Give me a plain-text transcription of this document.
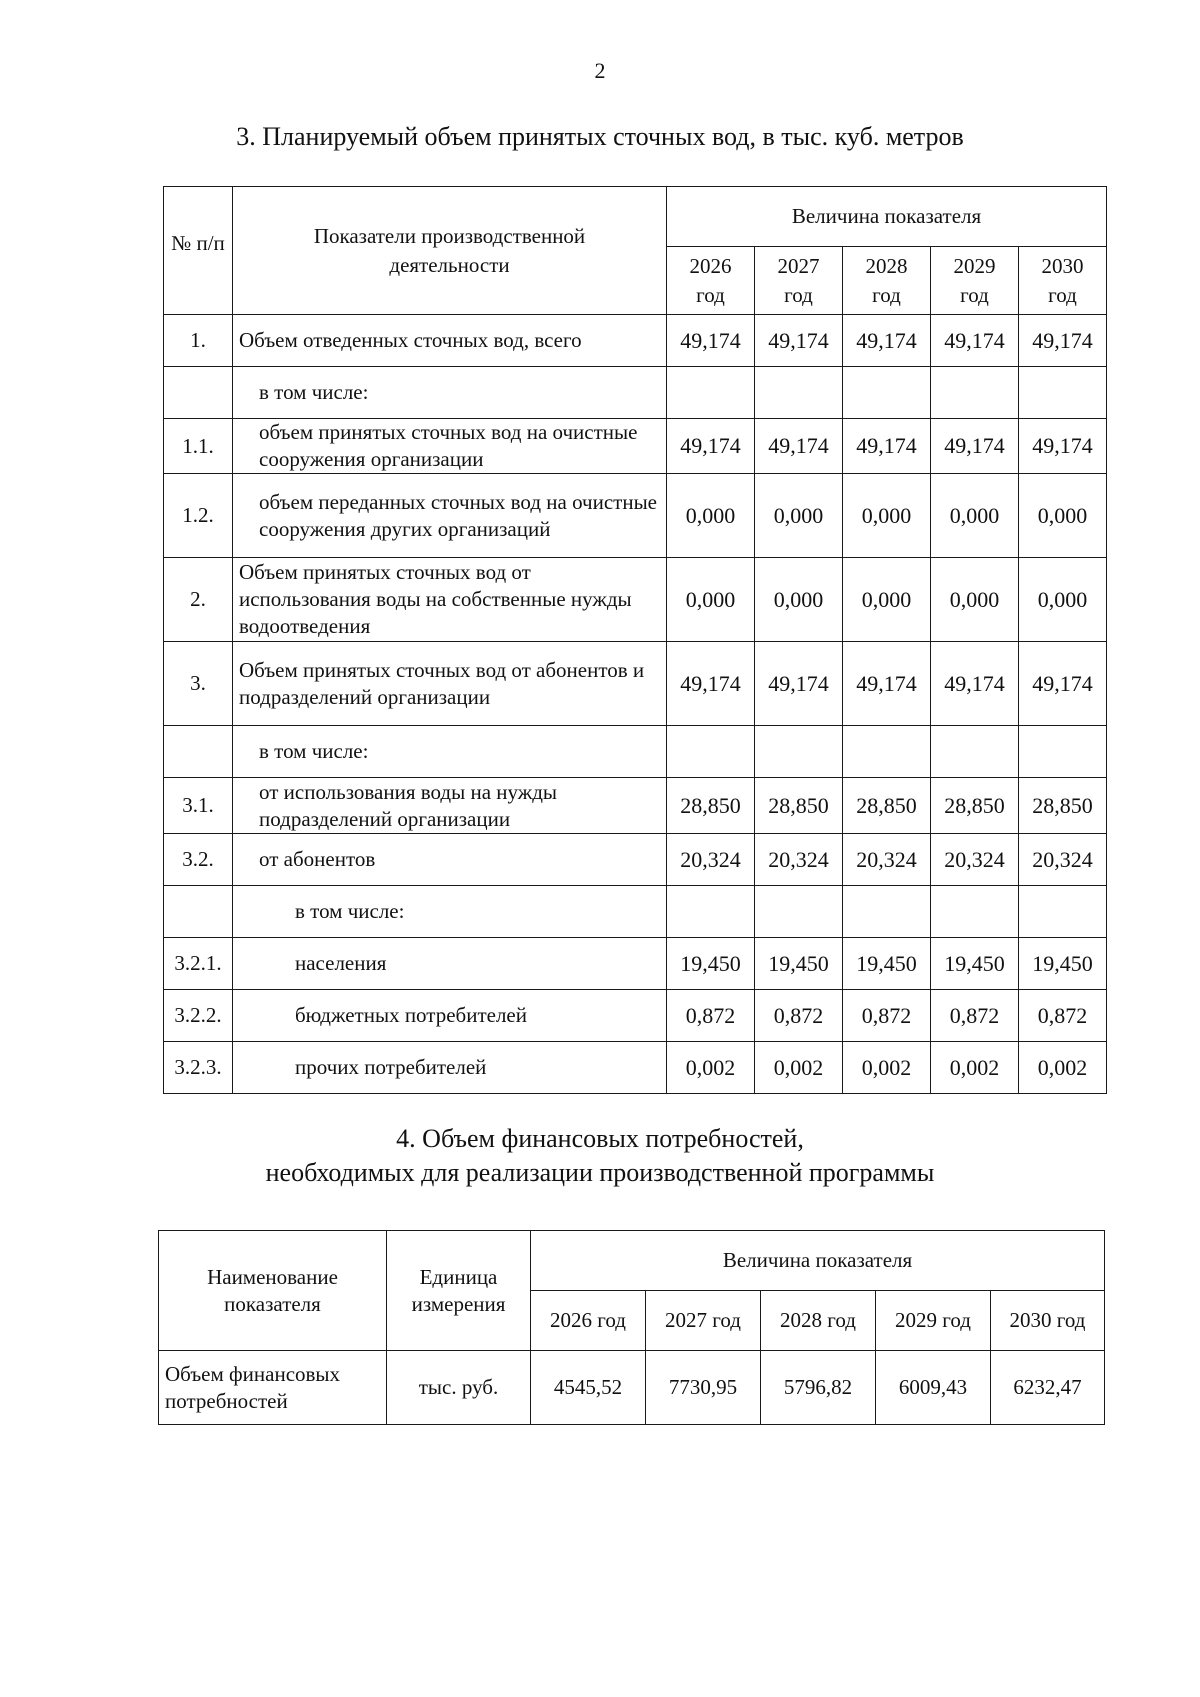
2
3. Планируемый объем принятых сточных вод, в тыс. куб. метров
№ п/п	Показатели производственной деятельности	Величина показателя				
		2026 год	2027 год	2028 год	2029 год	2030 год
1.	Объем отведенных сточных вод, всего	49,174	49,174	49,174	49,174	49,174
	в том числе:					
1.1.	объем принятых сточных вод на очистные сооружения организации	49,174	49,174	49,174	49,174	49,174
1.2.	объем переданных сточных вод на очистные сооружения других организаций	0,000	0,000	0,000	0,000	0,000
2.	Объем принятых сточных вод от использования воды на собственные нужды водоотведения	0,000	0,000	0,000	0,000	0,000
3.	Объем принятых сточных вод от абонентов и подразделений организации	49,174	49,174	49,174	49,174	49,174
	в том числе:					
3.1.	от использования воды на нужды подразделений организации	28,850	28,850	28,850	28,850	28,850
3.2.	от абонентов	20,324	20,324	20,324	20,324	20,324
	в том числе:					
3.2.1.	населения	19,450	19,450	19,450	19,450	19,450
3.2.2.	бюджетных потребителей	0,872	0,872	0,872	0,872	0,872
3.2.3.	прочих потребителей	0,002	0,002	0,002	0,002	0,002
4. Объем финансовых потребностей,
необходимых для реализации производственной программы
Наименование показателя	Единица измерения	Величина показателя				
		2026 год	2027 год	2028 год	2029 год	2030 год
Объем финансовых потребностей	тыс. руб.	4545,52	7730,95	5796,82	6009,43	6232,47
